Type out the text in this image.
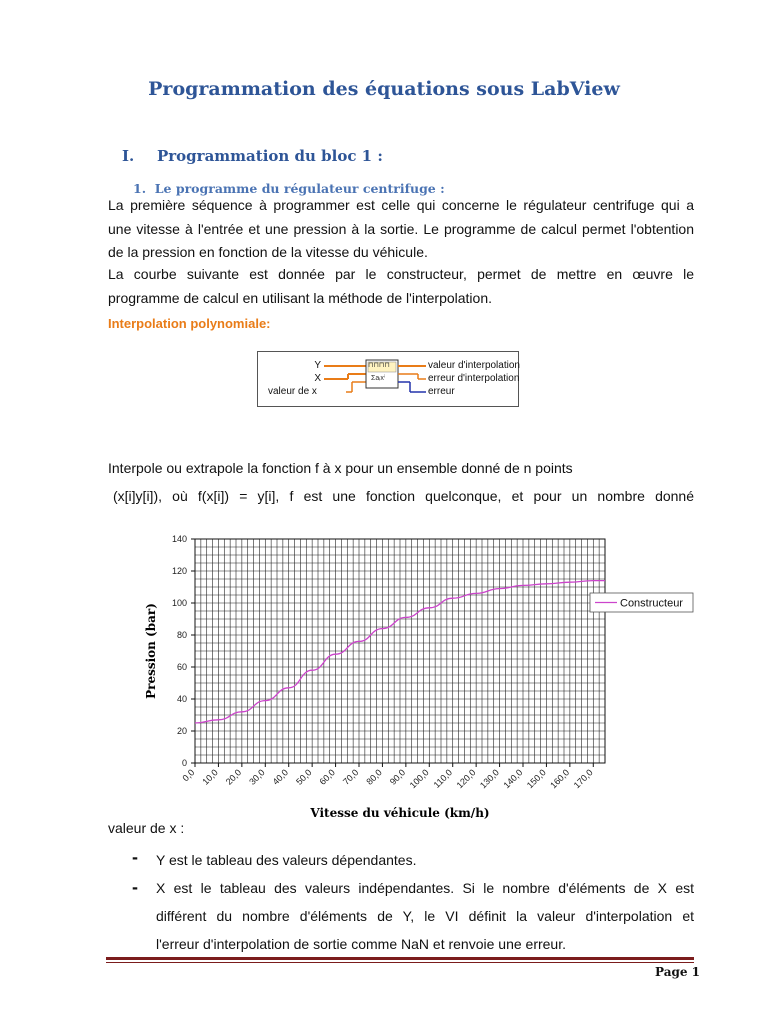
Programmation des équations sous LabView
I. Programmation du bloc 1 :
1.  Le programme du régulateur centrifuge :

La première séquence à programmer est celle qui concerne le régulateur centrifuge qui a

une vitesse à l'entrée et une pression à la sortie. Le programme de calcul permet l'obtention

de la pression en fonction de la vitesse du véhicule.

La courbe suivante est donnée par le constructeur, permet de mettre en œuvre le

programme de calcul en utilisant la méthode de l'interpolation.

Interpolation polynomiale:
Y
X
valeur de x
⊓⊓⊓⊓
Σaᵢxⁱ
valeur d'interpolation
erreur d'interpolation
erreur
Interpole ou extrapole la fonction f à x pour un ensemble donné de n points

(x[i]y[i]), où f(x[i]) = y[i], f est une fonction quelconque, et pour un nombre donné

0
20
40
60
80
100
120
140
0,0 10,0 20,0 30,0 40,0 50,0 60,0 70,0 80,0 90,0 100,0 110,0 120,0 130,0 140,0 150,0 160,0 170,0
Constructeur
Vitesse du véhicule (km/h)
Pression (bar)
valeur de x :
- Y est le tableau des valeurs dépendantes.

- X est le tableau des valeurs indépendantes. Si le nombre d'éléments de X est

différent du nombre d'éléments de Y, le VI définit la valeur d'interpolation et

l'erreur d'interpolation de sortie comme NaN et renvoie une erreur.

Page 1
